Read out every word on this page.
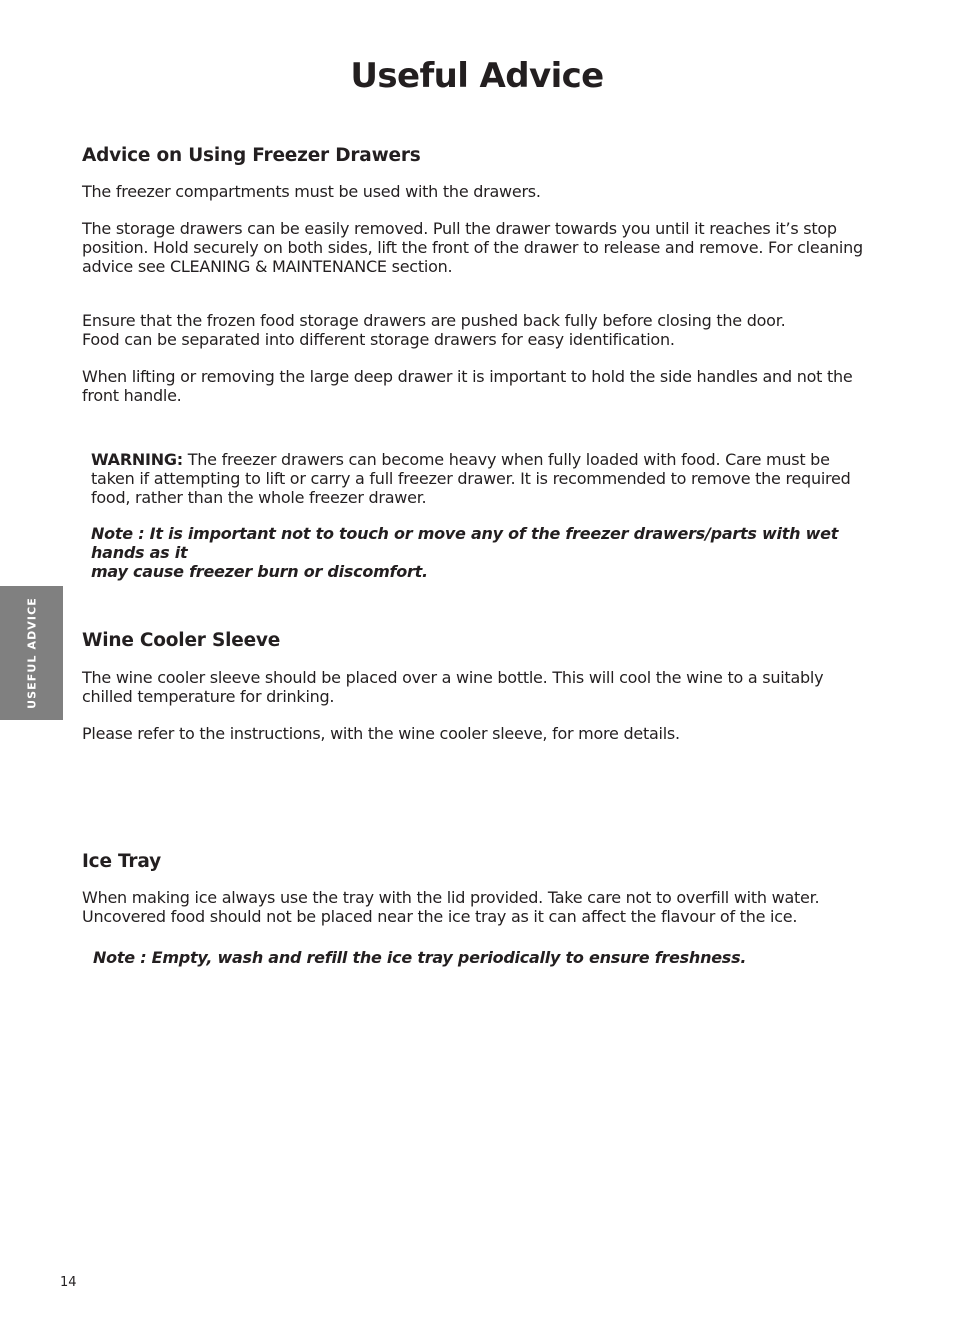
Useful Advice
Advice on Using Freezer Drawers

The freezer compartments must be used with the drawers.

The storage drawers can be easily removed. Pull the drawer towards you until it reaches it’s stop
position. Hold securely on both sides, lift the front of the drawer to release and remove. For cleaning
advice see CLEANING & MAINTENANCE section.
Ensure that the frozen food storage drawers are pushed back fully before closing the door.
Food can be separated into different storage drawers for easy identification.
When lifting or removing the large deep drawer it is important to hold the side handles and not the
front handle.
WARNING: The freezer drawers can become heavy when fully loaded with food. Care must be
taken if attempting to lift or carry a full freezer drawer. It is recommended to remove the required
food, rather than the whole freezer drawer.
Note : It is important not to touch or move any of the freezer drawers/parts with wet hands as it
may cause freezer burn or discomfort.
USEFUL ADVICE Wine Cooler Sleeve
The wine cooler sleeve should be placed over a wine bottle. This will cool the wine to a suitably
chilled temperature for drinking.

Please refer to the instructions, with the wine cooler sleeve, for more details.

Ice Tray
When making ice always use the tray with the lid provided. Take care not to overfill with water.
Uncovered food should not be placed near the ice tray as it can affect the flavour of the ice.

Note : Empty, wash and refill the ice tray periodically to ensure freshness.

14
